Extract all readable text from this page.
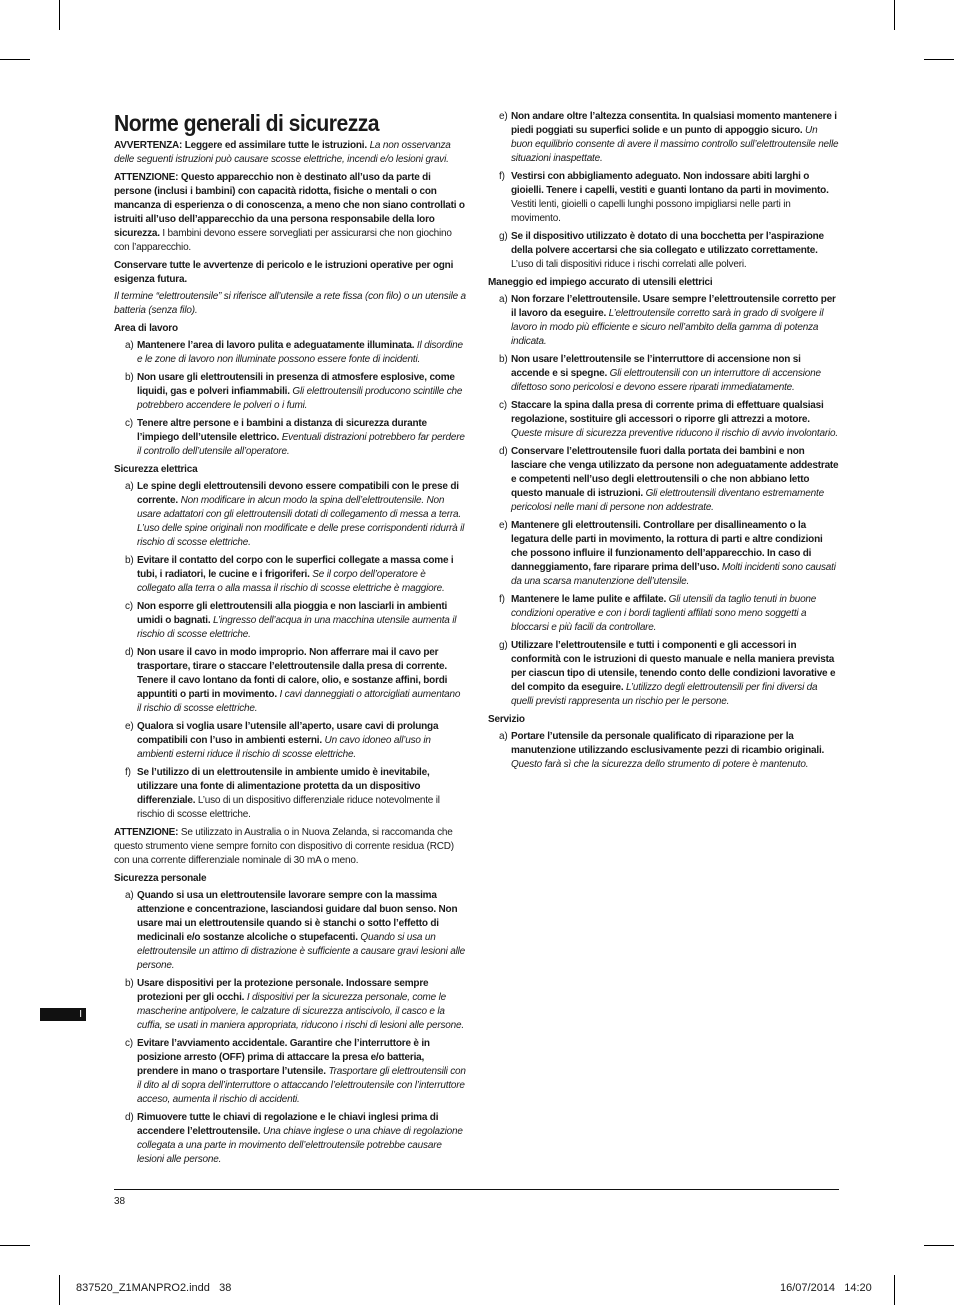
Norme generali di sicurezza

AVVERTENZA: Leggere ed assimilare tutte le istruzioni. La non osservanza delle seguenti istruzioni può causare scosse elettriche, incendi e/o lesioni gravi.

ATTENZIONE: Questo apparecchio non è destinato all’uso da parte di persone (inclusi i bambini) con capacità ridotta, fisiche o mentali o con mancanza di esperienza o di conoscenza, a meno che non siano controllati o istruiti all’uso dell’apparecchio da una persona responsabile della loro sicurezza. I bambini devono essere sorvegliati per assicurarsi che non giochino con l’apparecchio.

Conservare tutte le avvertenze di pericolo e le istruzioni operative per ogni esigenza futura.

Il termine “elettroutensile” si riferisce all’utensile a rete fissa (con filo) o un utensile a batteria (senza filo).

Area di lavoro

a) Mantenere l’area di lavoro pulita e adeguatamente illuminata. Il disordine e le zone di lavoro non illuminate possono essere fonte di incidenti.
b) Non usare gli elettroutensili in presenza di atmosfere esplosive, come liquidi, gas e polveri infiammabili. Gli elettroutensili producono scintille che potrebbero accendere le polveri o i fumi.
c) Tenere altre persone e i bambini a distanza di sicurezza durante l’impiego dell’utensile elettrico. Eventuali distrazioni potrebbero far perdere il controllo dell’utensile all’operatore.

Sicurezza elettrica

a) Le spine degli elettroutensili devono essere compatibili con le prese di corrente. Non modificare in alcun modo la spina dell’elettroutensile. Non usare adattatori con gli elettroutensili dotati di collegamento di messa a terra. L’uso delle spine originali non modificate e delle prese corrispondenti ridurrà il rischio di scosse elettriche.
b) Evitare il contatto del corpo con le superfici collegate a massa come i tubi, i radiatori, le cucine e i frigoriferi. Se il corpo dell’operatore è collegato alla terra o alla massa il rischio di scosse elettriche è maggiore.
c) Non esporre gli elettroutensili alla pioggia e non lasciarli in ambienti umidi o bagnati. L’ingresso dell’acqua in una macchina utensile aumenta il rischio di scosse elettriche.
d) Non usare il cavo in modo improprio. Non afferrare mai il cavo per trasportare, tirare o staccare l’elettroutensile dalla presa di corrente. Tenere il cavo lontano da fonti di calore, olio, e sostanze affini, bordi appuntiti o parti in movimento. I cavi danneggiati o attorcigliati aumentano il rischio di scosse elettriche.
e) Qualora si voglia usare l’utensile all’aperto, usare cavi di prolunga compatibili con l’uso in ambienti esterni. Un cavo idoneo all’uso in ambienti esterni riduce il rischio di scosse elettriche.
f) Se l’utilizzo di un elettroutensile in ambiente umido è inevitabile, utilizzare una fonte di alimentazione protetta da un dispositivo differenziale. L’uso di un dispositivo differenziale riduce notevolmente il rischio di scosse elettriche.

ATTENZIONE: Se utilizzato in Australia o in Nuova Zelanda, si raccomanda che questo strumento viene sempre fornito con dispositivo di corrente residua (RCD) con una corrente differenziale nominale di 30 mA o meno.

Sicurezza personale

a) Quando si usa un elettroutensile lavorare sempre con la massima attenzione e concentrazione, lasciandosi guidare dal buon senso. Non usare mai un elettroutensile quando si è stanchi o sotto l’effetto di medicinali e/o sostanze alcoliche o stupefacenti. Quando si usa un elettroutensile un attimo di distrazione è sufficiente a causare gravi lesioni alle persone.
b) Usare dispositivi per la protezione personale. Indossare sempre protezioni per gli occhi. I dispositivi per la sicurezza personale, come le mascherine antipolvere, le calzature di sicurezza antiscivolo, il casco e la cuffia, se usati in maniera appropriata, riducono i rischi di lesioni alle persone.
c) Evitare l’avviamento accidentale. Garantire che l’interruttore è in posizione arresto (OFF) prima di attaccare la presa e/o batteria, prendere in mano o trasportare l’utensile. Trasportare gli elettroutensili con il dito al di sopra dell’interruttore o attaccando l’elettroutensile con l’interruttore acceso, aumenta il rischio di accidenti.
d) Rimuovere tutte le chiavi di regolazione e le chiavi inglesi prima di accendere l’elettroutensile. Una chiave inglese o una chiave di regolazione collegata a una parte in movimento dell’elettroutensile potrebbe causare lesioni alle persone.
e) Non andare oltre l’altezza consentita. In qualsiasi momento mantenere i piedi poggiati su superfici solide e un punto di appoggio sicuro. Un buon equilibrio consente di avere il massimo controllo sull’elettroutensile nelle situazioni inaspettate.
f) Vestirsi con abbigliamento adeguato. Non indossare abiti larghi o gioielli. Tenere i capelli, vestiti e guanti lontano da parti in movimento. Vestiti lenti, gioielli o capelli lunghi possono impigliarsi nelle parti in movimento.
g) Se il dispositivo utilizzato è dotato di una bocchetta per l’aspirazione della polvere accertarsi che sia collegato e utilizzato correttamente. L’uso di tali dispositivi riduce i rischi correlati alle polveri.

Maneggio ed impiego accurato di utensili elettrici

a) Non forzare l’elettroutensile. Usare sempre l’elettroutensile corretto per il lavoro da eseguire. L’elettroutensile corretto sarà in grado di svolgere il lavoro in modo più efficiente e sicuro nell’ambito della gamma di potenza indicata.
b) Non usare l’elettroutensile se l’interruttore di accensione non si accende e si spegne. Gli elettroutensili con un interruttore di accensione difettoso sono pericolosi e devono essere riparati immediatamente.
c) Staccare la spina dalla presa di corrente prima di effettuare qualsiasi regolazione, sostituire gli accessori o riporre gli attrezzi a motore. Queste misure di sicurezza preventive riducono il rischio di avvio involontario.
d) Conservare l’elettroutensile fuori dalla portata dei bambini e non lasciare che venga utilizzato da persone non adeguatamente addestrate e competenti nell’uso degli elettroutensili o che non abbiano letto questo manuale di istruzioni. Gli elettroutensili diventano estremamente pericolosi nelle mani di persone non addestrate.
e) Mantenere gli elettroutensili. Controllare per disallineamento o la legatura delle parti in movimento, la rottura di parti e altre condizioni che possono influire il funzionamento dell’apparecchio. In caso di danneggiamento, fare riparare prima dell’uso. Molti incidenti sono causati da una scarsa manutenzione dell’utensile.
f) Mantenere le lame pulite e affilate. Gli utensili da taglio tenuti in buone condizioni operative e con i bordi taglienti affilati sono meno soggetti a bloccarsi e più facili da controllare.
g) Utilizzare l’elettroutensile e tutti i componenti e gli accessori in conformità con le istruzioni di questo manuale e nella maniera prevista per ciascun tipo di utensile, tenendo conto delle condizioni lavorative e del compito da eseguire. L’utilizzo degli elettroutensili per fini diversi da quelli previsti rappresenta un rischio per le persone.

Servizio

a) Portare l’utensile da personale qualificato di riparazione per la manutenzione utilizzando esclusivamente pezzi di ricambio originali. Questo farà sì che la sicurezza dello strumento di potere è mantenuto.
I
38
837520_Z1MANPRO2.indd   38	16/07/2014   14:20
